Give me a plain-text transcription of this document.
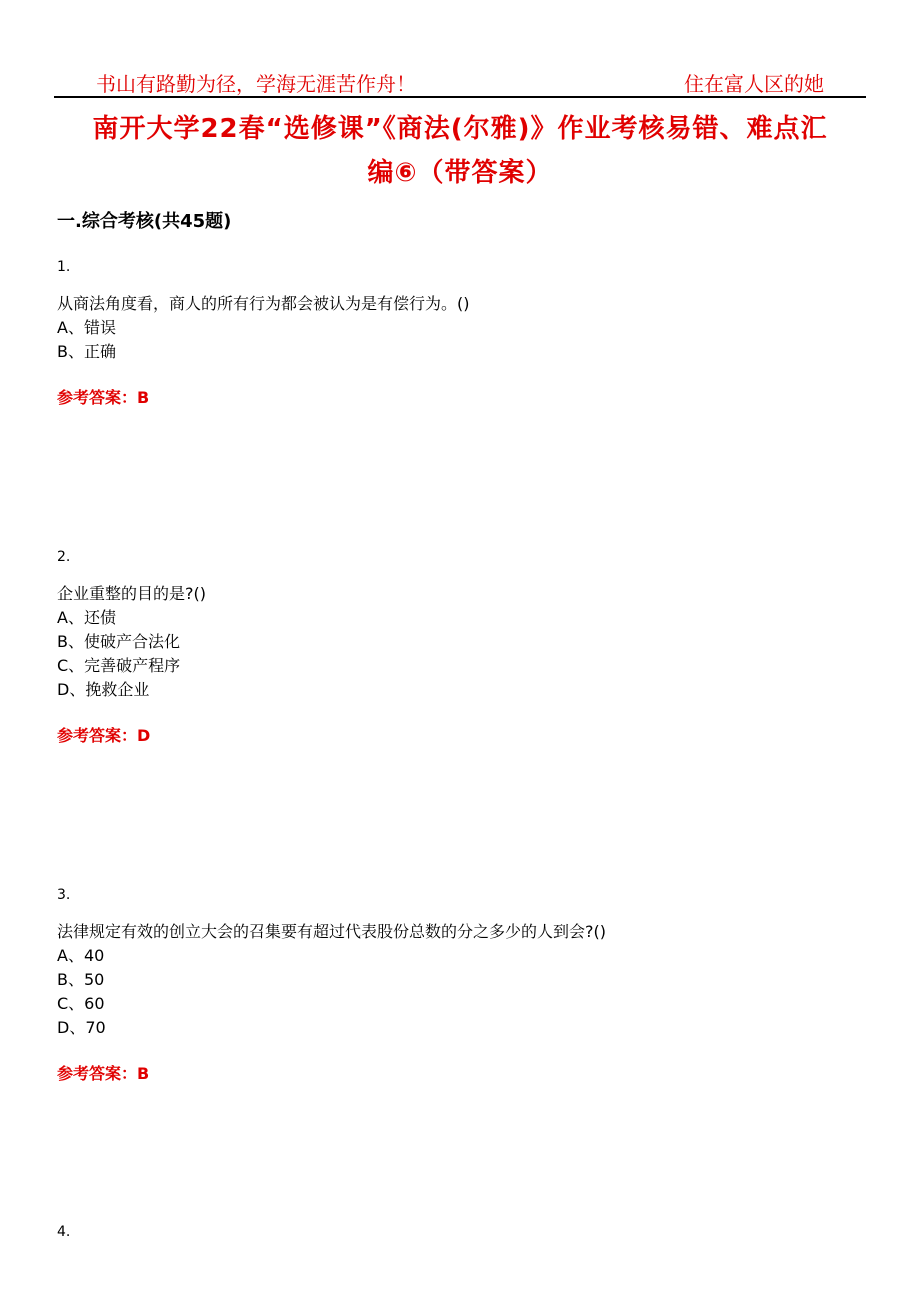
书山有路勤为径，学海无涯苦作舟！	住在富人区的她
南开大学22春“选修课”《商法(尔雅)》作业考核易错、难点汇
编⑥（带答案）
一.综合考核(共45题)
1.
从商法角度看，商人的所有行为都会被认为是有偿行为。()
A、错误
B、正确
参考答案：B
2.
企业重整的目的是?()
A、还债
B、使破产合法化
C、完善破产程序
D、挽救企业
参考答案：D
3.
法律规定有效的创立大会的召集要有超过代表股份总数的分之多少的人到会?()
A、40
B、50
C、60
D、70
参考答案：B
4.
